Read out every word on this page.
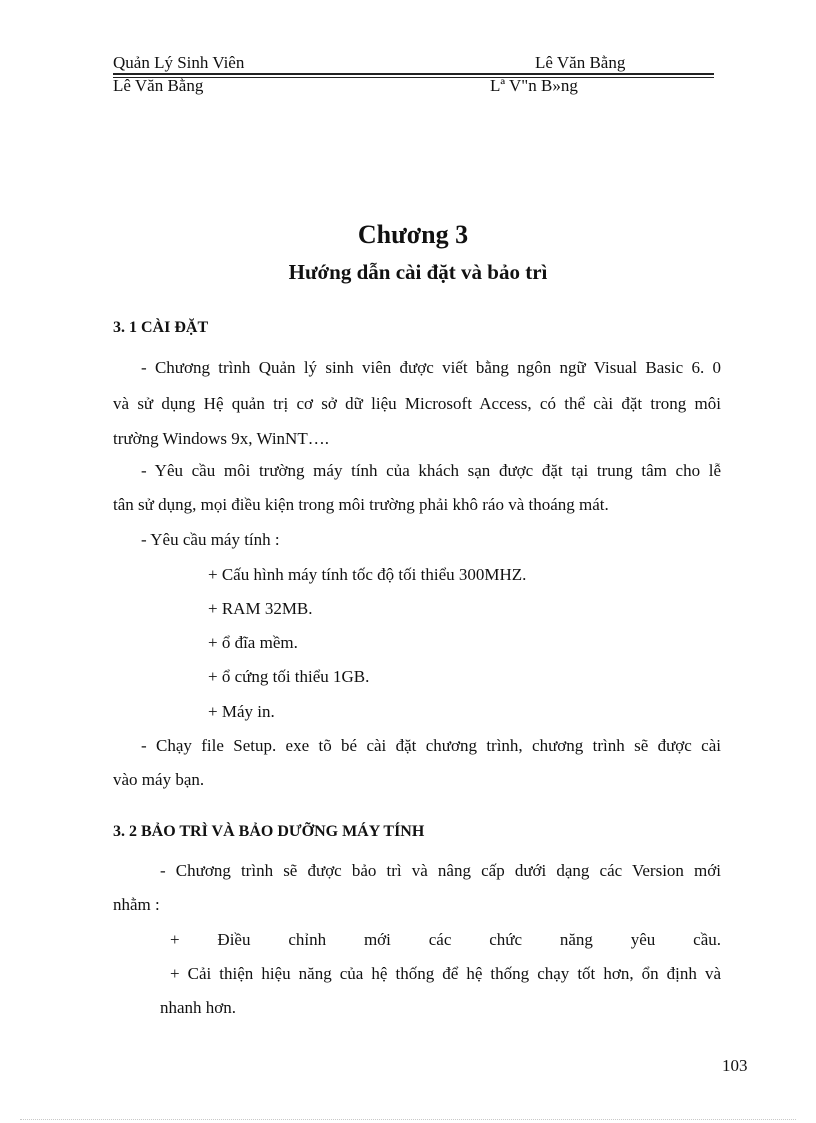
Quản Lý Sinh Viên	Lê Văn Bằng
Lê Văn Bằng	Lª V"n B»ng
Chương 3
Hướng dẫn cài đặt và bảo trì
3. 1 CÀI ĐẶT
- Chương trình Quản lý sinh viên được viết bằng ngôn ngữ Visual Basic 6. 0
và sử dụng Hệ quản trị cơ sở dữ liệu Microsoft Access, có thể cài đặt trong môi
trường Windows 9x, WinNT….
- Yêu cầu môi trường máy tính của khách sạn được đặt tại trung tâm cho lễ
tân sử dụng, mọi điều kiện trong môi trường phải khô ráo và thoáng mát.
- Yêu cầu máy tính :
+ Cấu hình máy tính tốc độ tối thiểu 300MHZ.
+ RAM 32MB.
+ ổ đĩa mềm.
+ ổ cứng tối thiểu 1GB.
+ Máy in.
- Chạy file Setup. exe tõ bé cài đặt chương trình, chương trình sẽ được cài
vào máy bạn.
3. 2 BẢO TRÌ VÀ BẢO DƯỠNG MÁY TÍNH
- Chương trình sẽ được bảo trì và nâng cấp dưới dạng các Version mới
nhằm :
+ Điều chỉnh mới các chức năng yêu cầu.
+ Cải thiện hiệu năng của hệ thống để hệ thống chạy tốt hơn, ổn định và
nhanh hơn.
103
